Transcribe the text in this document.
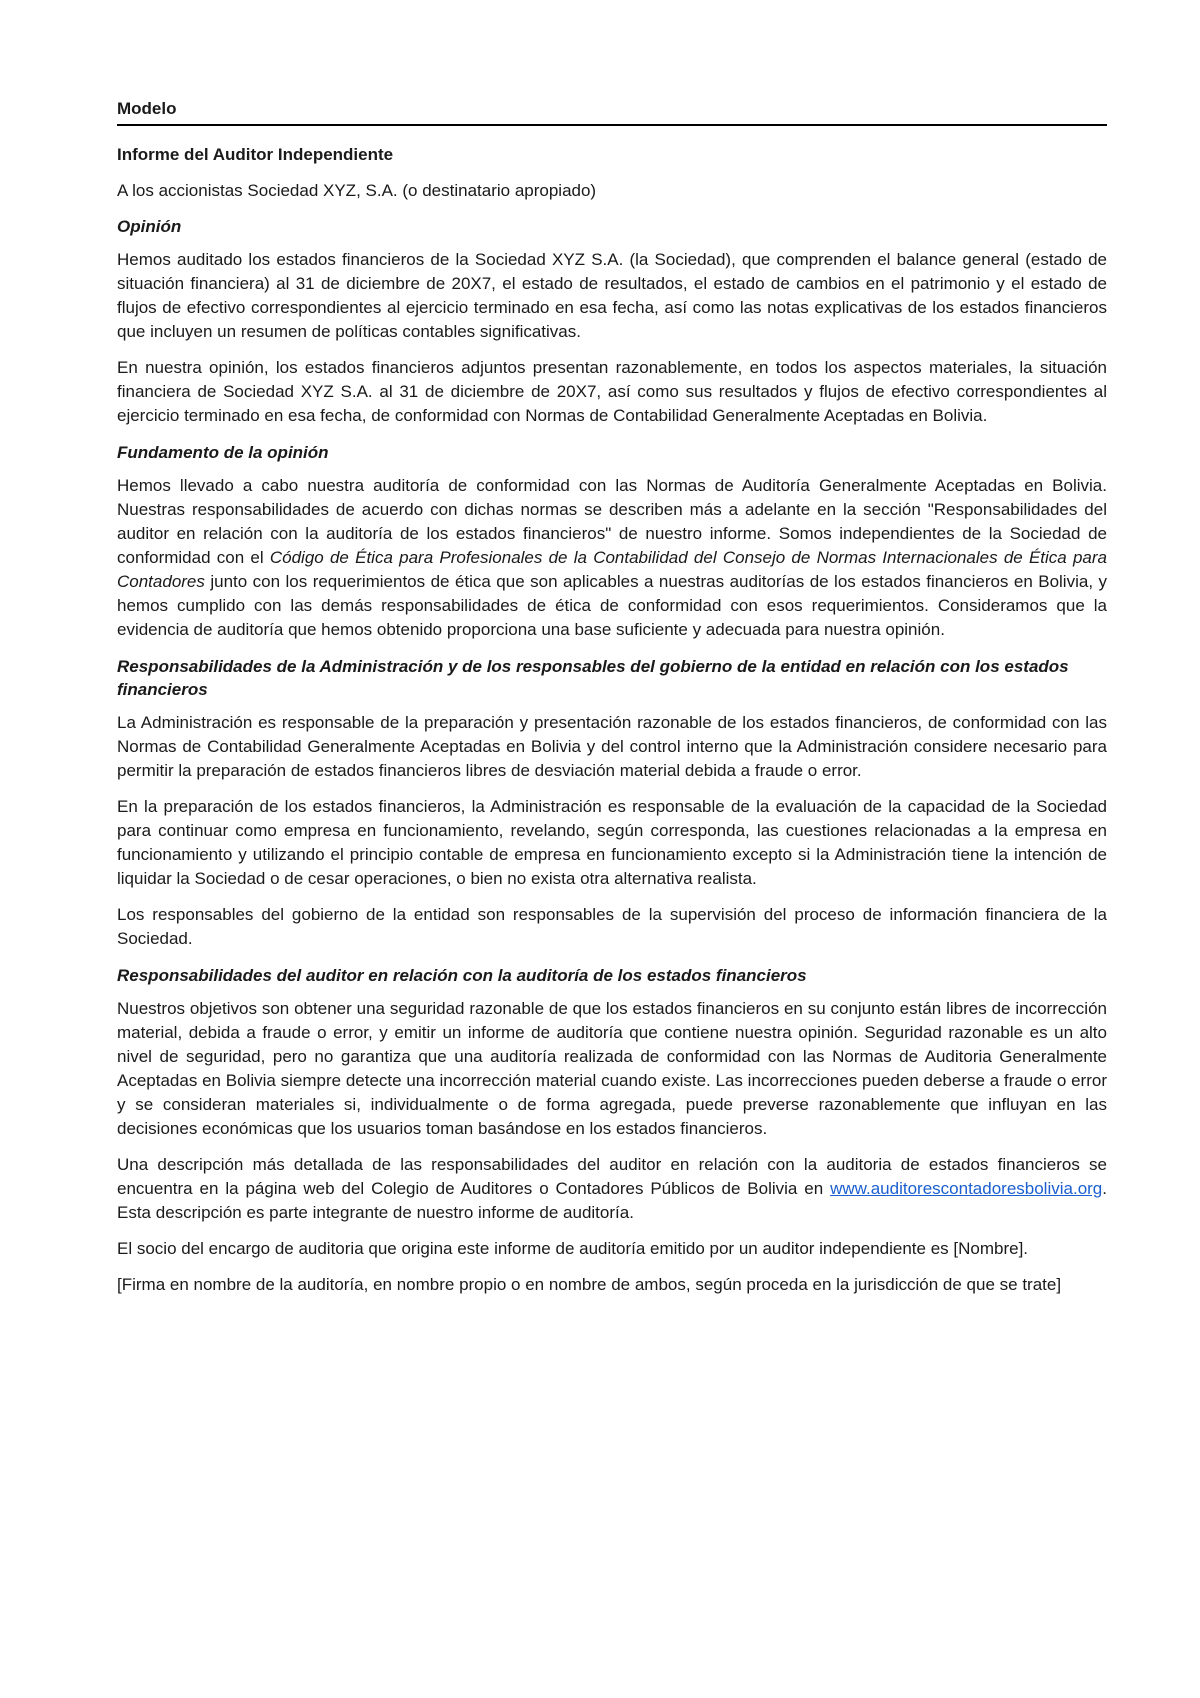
Modelo
Informe del Auditor Independiente
A los accionistas Sociedad XYZ, S.A. (o destinatario apropiado)
Opinión

Hemos auditado los estados financieros de la Sociedad XYZ S.A. (la Sociedad), que comprenden el balance general (estado de situación financiera) al 31 de diciembre de 20X7, el estado de resultados, el estado de cambios en el patrimonio y el estado de flujos de efectivo correspondientes al ejercicio terminado en esa fecha, así como las notas explicativas de los estados financieros que incluyen un resumen de políticas contables significativas.

En nuestra opinión, los estados financieros adjuntos presentan razonablemente, en todos los aspectos materiales, la situación financiera de Sociedad XYZ S.A. al 31 de diciembre de 20X7, así como sus resultados y flujos de efectivo correspondientes al ejercicio terminado en esa fecha, de conformidad con Normas de Contabilidad Generalmente Aceptadas en Bolivia.

Fundamento de la opinión

Hemos llevado a cabo nuestra auditoría de conformidad con las Normas de Auditoría Generalmente Aceptadas en Bolivia. Nuestras responsabilidades de acuerdo con dichas normas se describen más a adelante en la sección "Responsabilidades del auditor en relación con la auditoría de los estados financieros" de nuestro informe. Somos independientes de la Sociedad de conformidad con el Código de Ética para Profesionales de la Contabilidad del Consejo de Normas Internacionales de Ética para Contadores junto con los requerimientos de ética que son aplicables a nuestras auditorías de los estados financieros en Bolivia, y hemos cumplido con las demás responsabilidades de ética de conformidad con esos requerimientos. Consideramos que la evidencia de auditoría que hemos obtenido proporciona una base suficiente y adecuada para nuestra opinión.

Responsabilidades de la Administración y de los responsables del gobierno de la entidad en relación con los estados financieros

La Administración es responsable de la preparación y presentación razonable de los estados financieros, de conformidad con las Normas de Contabilidad Generalmente Aceptadas en Bolivia y del control interno que la Administración considere necesario para permitir la preparación de estados financieros libres de desviación material debida a fraude o error.

En la preparación de los estados financieros, la Administración es responsable de la evaluación de la capacidad de la Sociedad para continuar como empresa en funcionamiento, revelando, según corresponda, las cuestiones relacionadas a la empresa en funcionamiento y utilizando el principio contable de empresa en funcionamiento excepto si la Administración tiene la intención de liquidar la Sociedad o de cesar operaciones, o bien no exista otra alternativa realista.

Los responsables del gobierno de la entidad son responsables de la supervisión del proceso de información financiera de la Sociedad.

Responsabilidades del auditor en relación con la auditoría de los estados financieros

Nuestros objetivos son obtener una seguridad razonable de que los estados financieros en su conjunto están libres de incorrección material, debida a fraude o error, y emitir un informe de auditoría que contiene nuestra opinión. Seguridad razonable es un alto nivel de seguridad, pero no garantiza que una auditoría realizada de conformidad con las Normas de Auditoria Generalmente Aceptadas en Bolivia siempre detecte una incorrección material cuando existe. Las incorrecciones pueden deberse a fraude o error y se consideran materiales si, individualmente o de forma agregada, puede preverse razonablemente que influyan en las decisiones económicas que los usuarios toman basándose en los estados financieros.

Una descripción más detallada de las responsabilidades del auditor en relación con la auditoria de estados financieros se encuentra en la página web del Colegio de Auditores o Contadores Públicos de Bolivia en www.auditorescontadoresbolivia.org. Esta descripción es parte integrante de nuestro informe de auditoría.

El socio del encargo de auditoria que origina este informe de auditoría emitido por un auditor independiente es [Nombre].

[Firma en nombre de la auditoría, en nombre propio o en nombre de ambos, según proceda en la jurisdicción de que se trate]
